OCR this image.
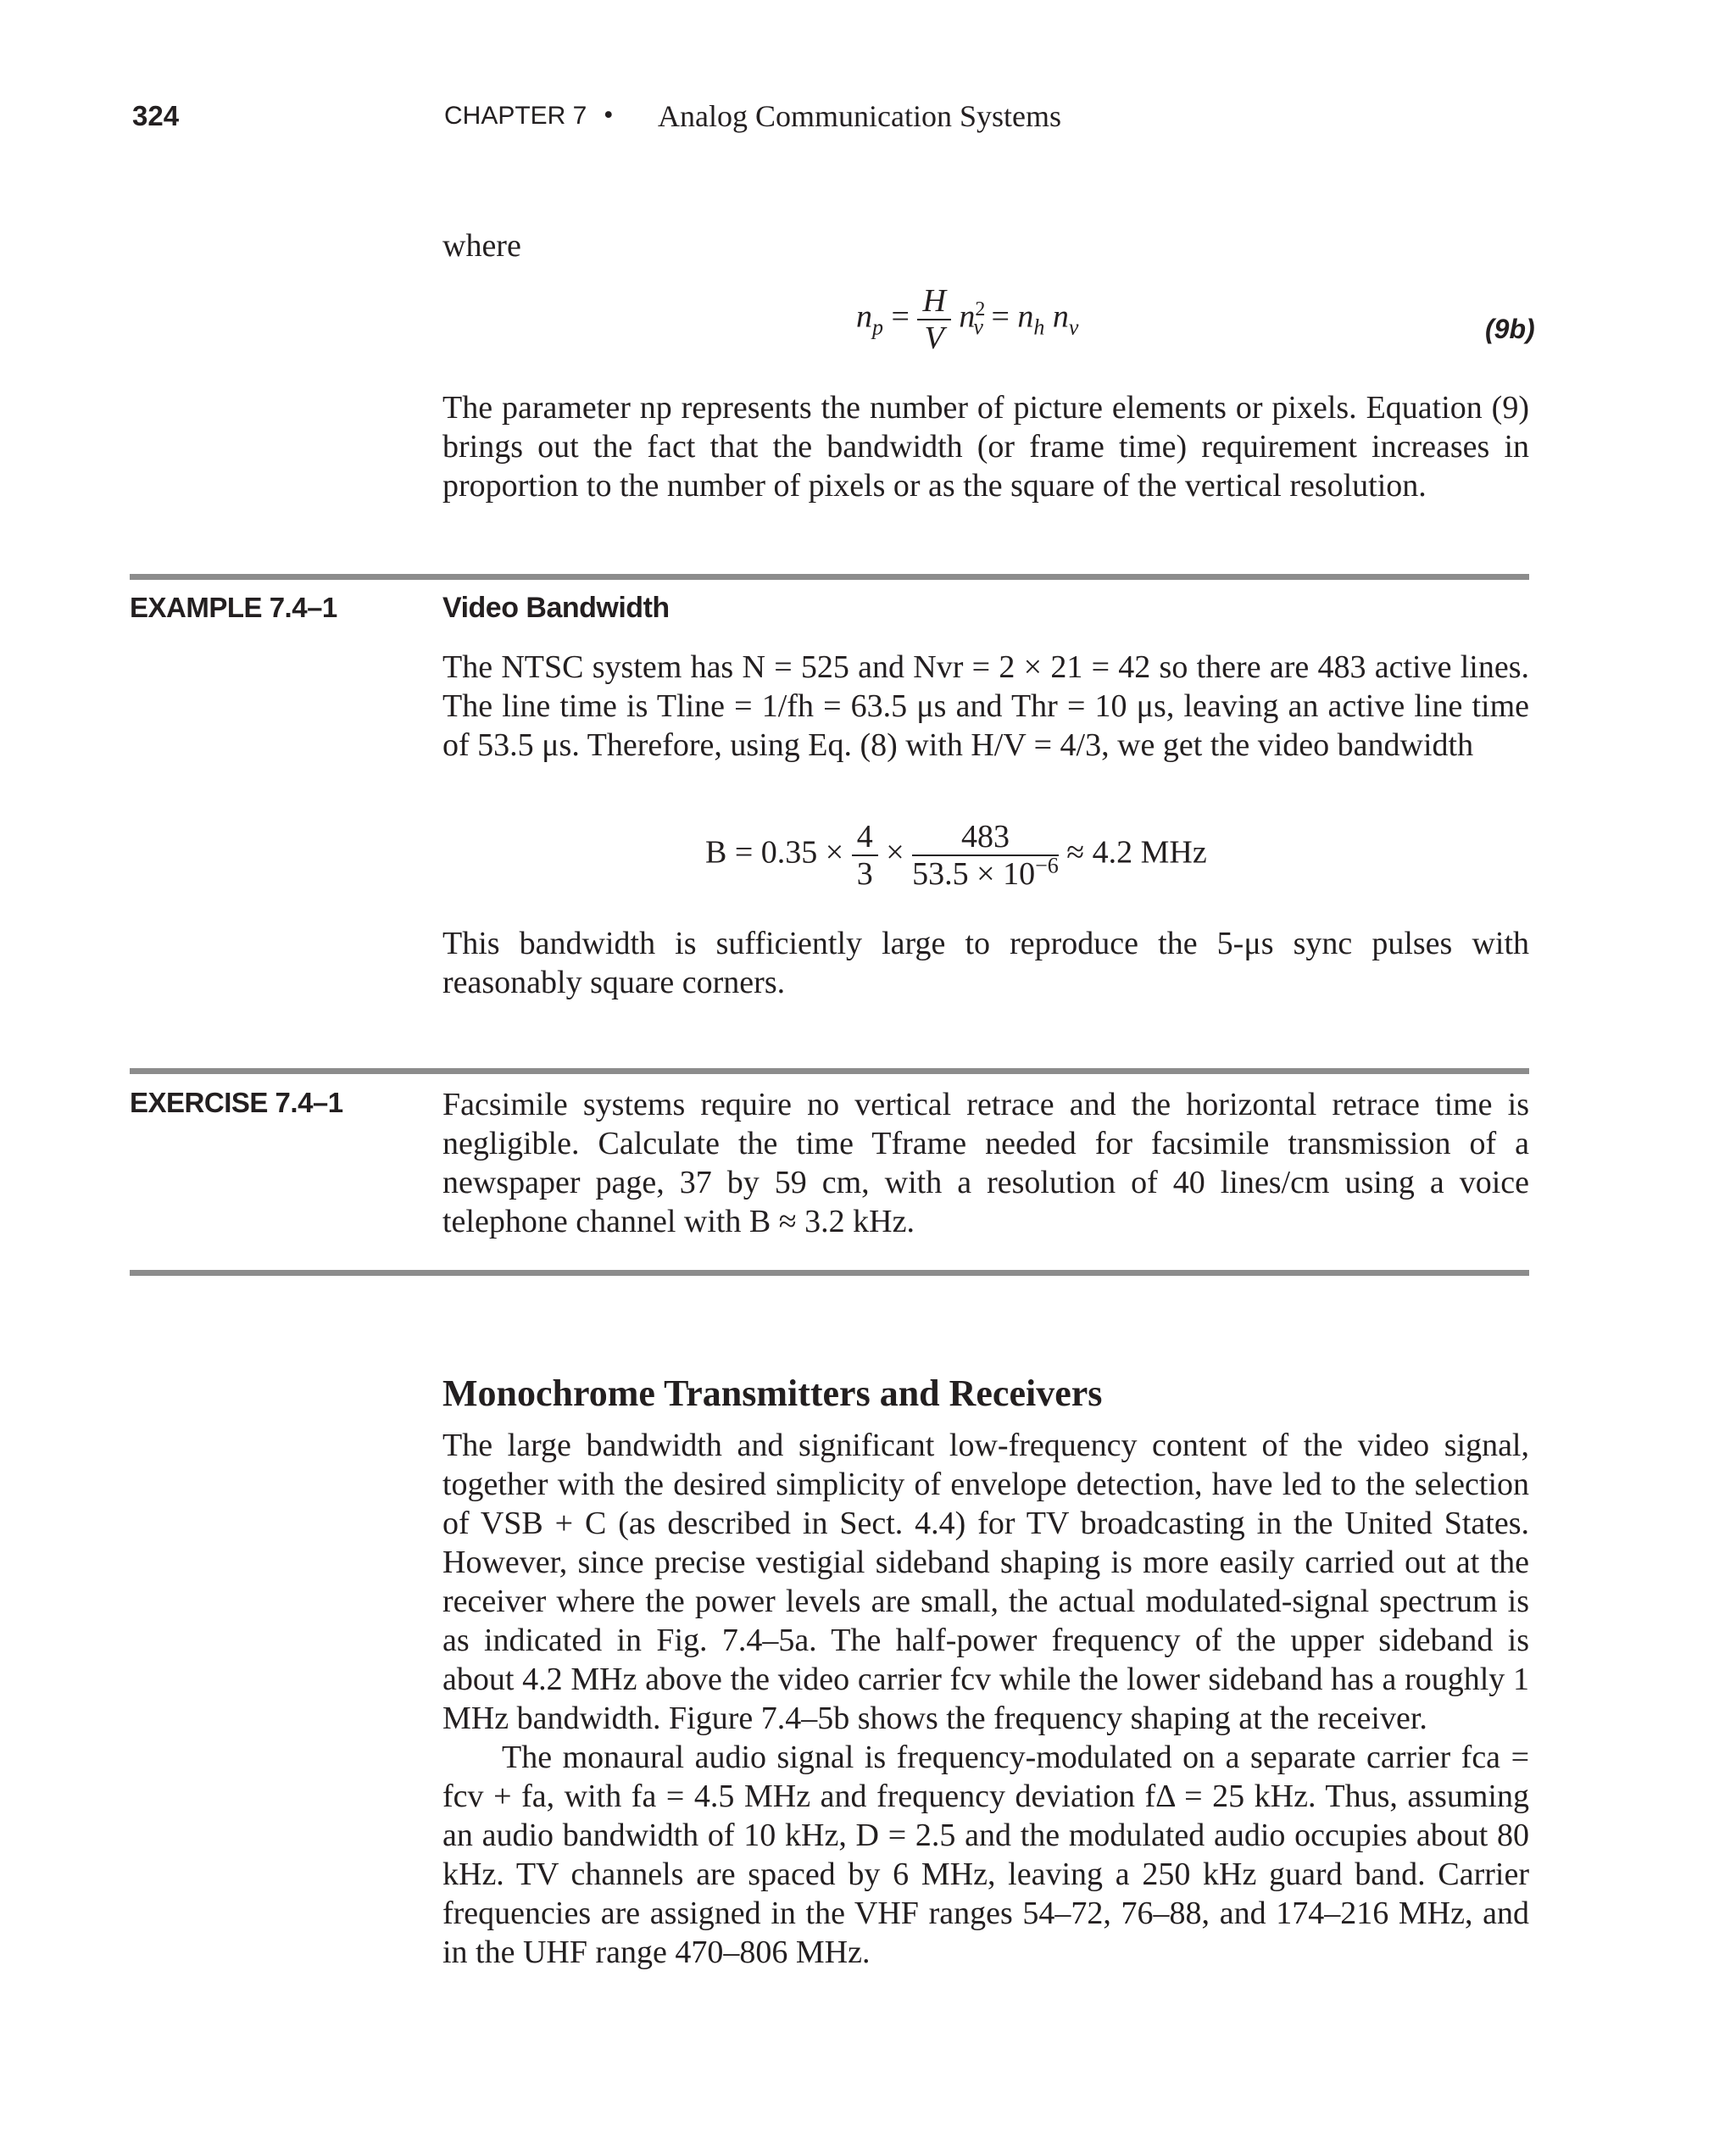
324	CHAPTER 7 • Analog Communication Systems
where
$n_p = \frac{H}{V} n^2_v = n_h$ $n_v$	(9b)

The parameter np represents the number of picture elements or pixels. Equation (9) brings out the fact that the bandwidth (or frame time) requirement increases in proportion to the number of pixels or as the square of the vertical resolution.

EXAMPLE 7.4–1	Video Bandwidth

The NTSC system has N = 525 and Nvr = 2 × 21 = 42 so there are 483 active lines. The line time is Tline = 1/fh = 63.5 μs and Thr = 10 μs, leaving an active line time of 53.5 μs. Therefore, using Eq. (8) with H/V = 4/3, we get the video bandwidth

$B = 0.35 \times \frac{4}{3} \times \frac{483}{53.5 \times 10^{-6}} \approx 4.2$ MHz

This bandwidth is sufficiently large to reproduce the 5-μs sync pulses with reasonably square corners.

EXERCISE 7.4–1	Facsimile systems require no vertical retrace and the horizontal retrace time is negligible. Calculate the time Tframe needed for facsimile transmission of a newspaper page, 37 by 59 cm, with a resolution of 40 lines/cm using a voice telephone channel with B ≈ 3.2 kHz.

Monochrome Transmitters and Receivers

The large bandwidth and significant low-frequency content of the video signal, together with the desired simplicity of envelope detection, have led to the selection of VSB + C (as described in Sect. 4.4) for TV broadcasting in the United States. However, since precise vestigial sideband shaping is more easily carried out at the receiver where the power levels are small, the actual modulated-signal spectrum is as indicated in Fig. 7.4–5a. The half-power frequency of the upper sideband is about 4.2 MHz above the video carrier fcv while the lower sideband has a roughly 1 MHz bandwidth. Figure 7.4–5b shows the frequency shaping at the receiver.

The monaural audio signal is frequency-modulated on a separate carrier fca = fcv + fa, with fa = 4.5 MHz and frequency deviation fΔ = 25 kHz. Thus, assuming an audio bandwidth of 10 kHz, D = 2.5 and the modulated audio occupies about 80 kHz. TV channels are spaced by 6 MHz, leaving a 250 kHz guard band. Carrier frequencies are assigned in the VHF ranges 54–72, 76–88, and 174–216 MHz, and in the UHF range 470–806 MHz.
